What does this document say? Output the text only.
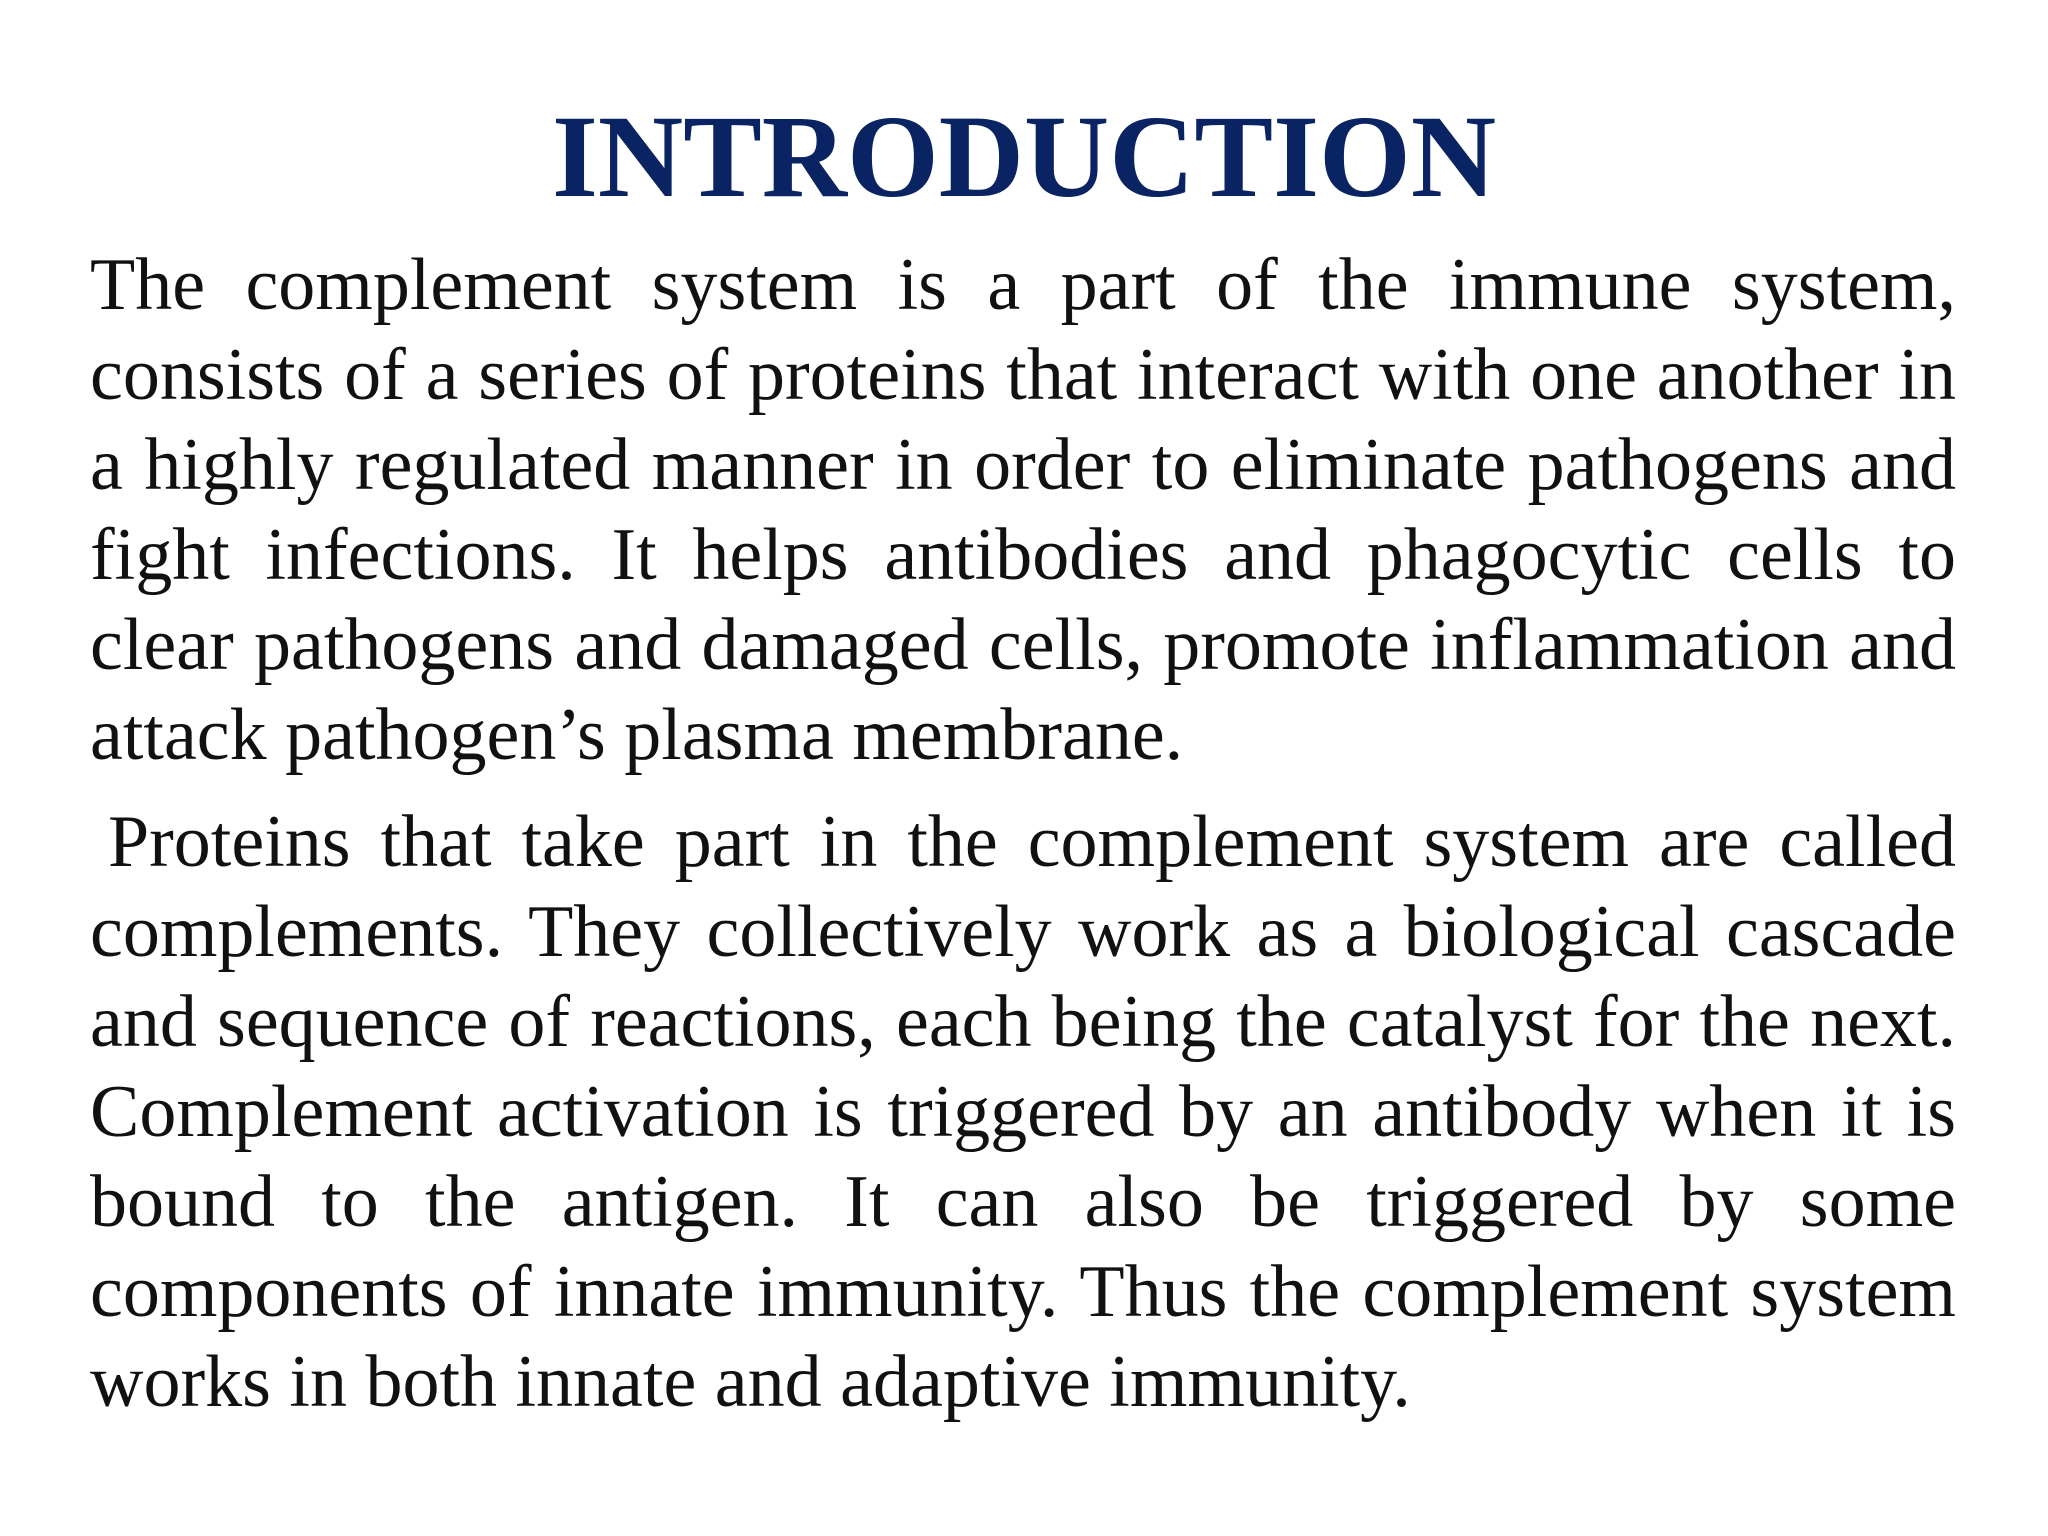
INTRODUCTION

The complement system is a part of the immune system, consists of a series of proteins that interact with one another in a highly regulated manner in order to eliminate pathogens and fight infections. It helps antibodies and phagocytic cells to clear pathogens and damaged cells, promote inflammation and attack pathogen’s plasma membrane.

Proteins that take part in the complement system are called complements. They collectively work as a biological cascade and sequence of reactions, each being the catalyst for the next. Complement activation is triggered by an antibody when it is bound to the antigen. It can also be triggered by some components of innate immunity. Thus the complement system works in both innate and adaptive immunity.
